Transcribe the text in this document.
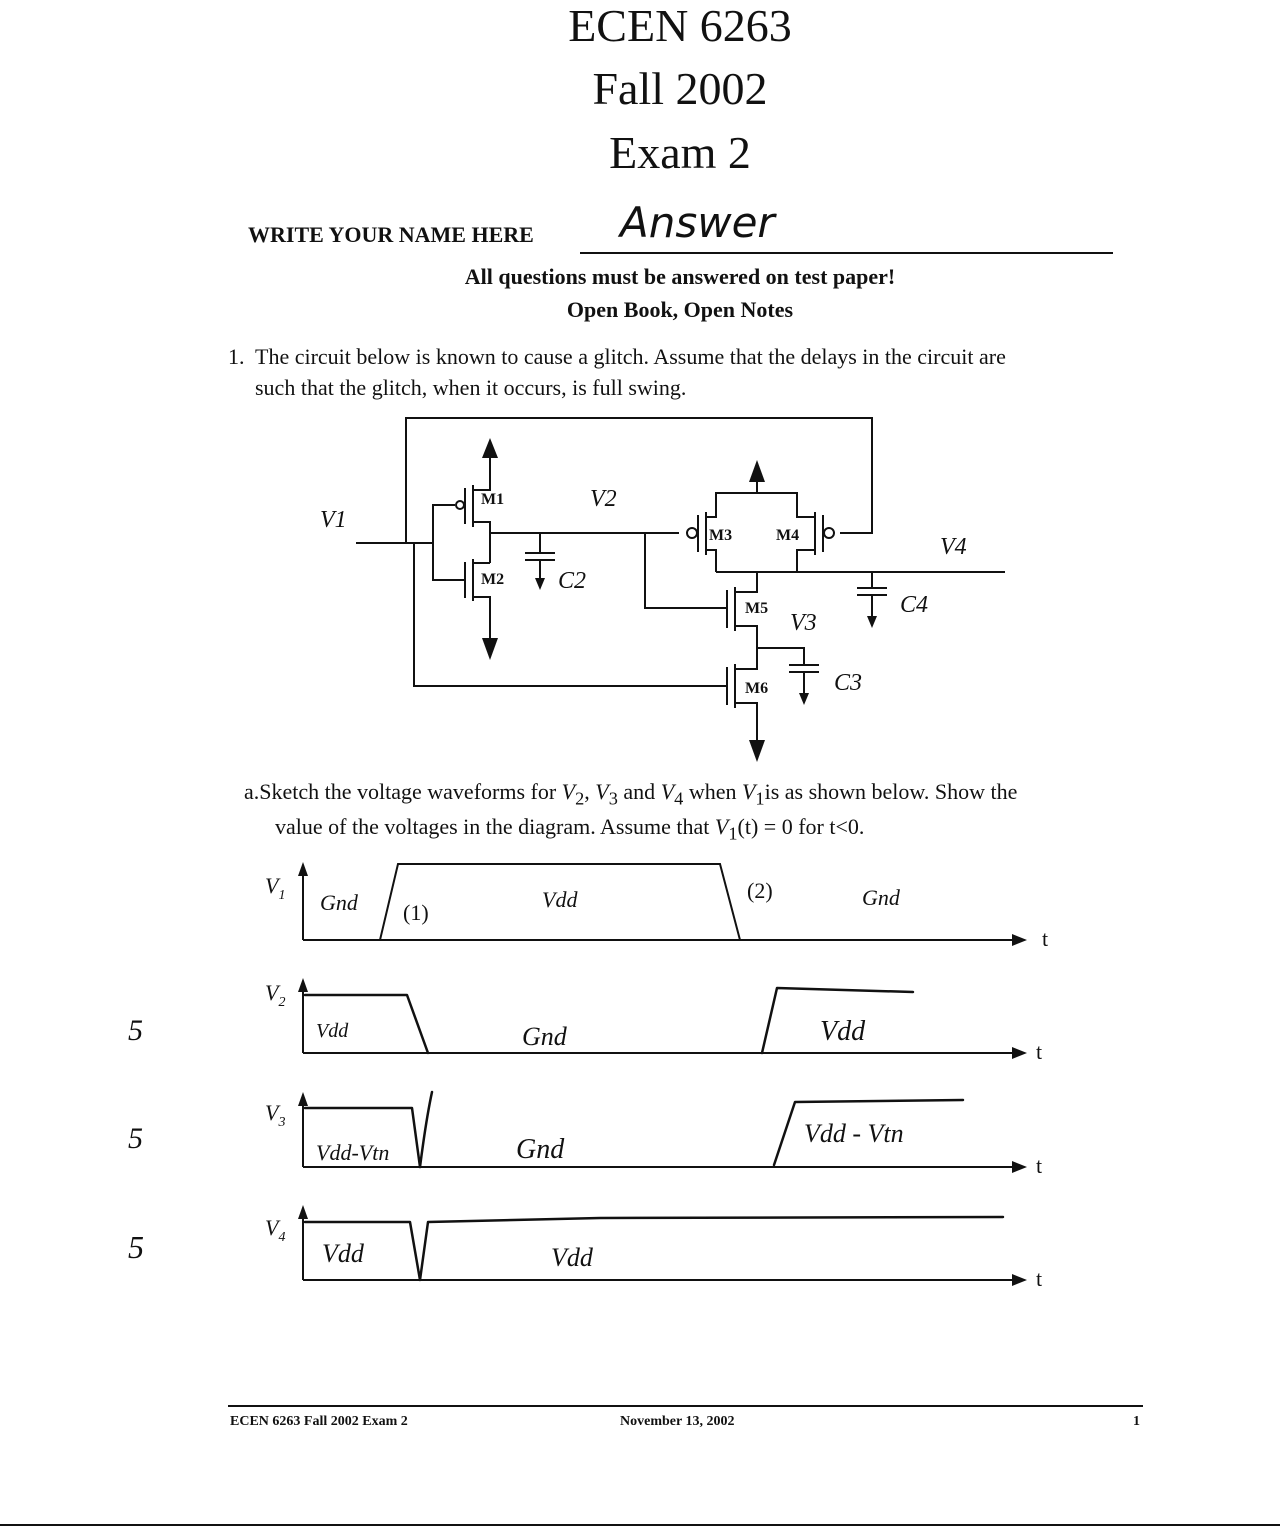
ECEN 6263
Fall 2002
Exam 2
WRITE YOUR NAME HERE Answer
All questions must be answered on test paper!
Open Book, Open Notes
1. The circuit below is known to cause a glitch. Assume that the delays in the circuit are
such that the glitch, when it occurs, is full swing.
M1
M2
M3	M4
M5
M6
V1
V2
V3
V4
C2
C3
C4
a.Sketch the voltage waveforms for $V_2$, $V_3$ and $V_4$ when $V_1is$ as shown below. Show the
value of the voltages in the diagram. Assume that $V_1(t) = 0$ for t<0.
t
t
t
t
$V_1$
$V_2$
$V_3$
$V_4$
Gnd (1)
Vdd	(2)	Gnd
Vdd	Gnd	Vdd
Vdd-Vtn	Gnd
Vdd - Vtn
Vdd	Vdd
5
5
5
ECEN 6263 Fall 2002 Exam 2	November 13, 2002	1
